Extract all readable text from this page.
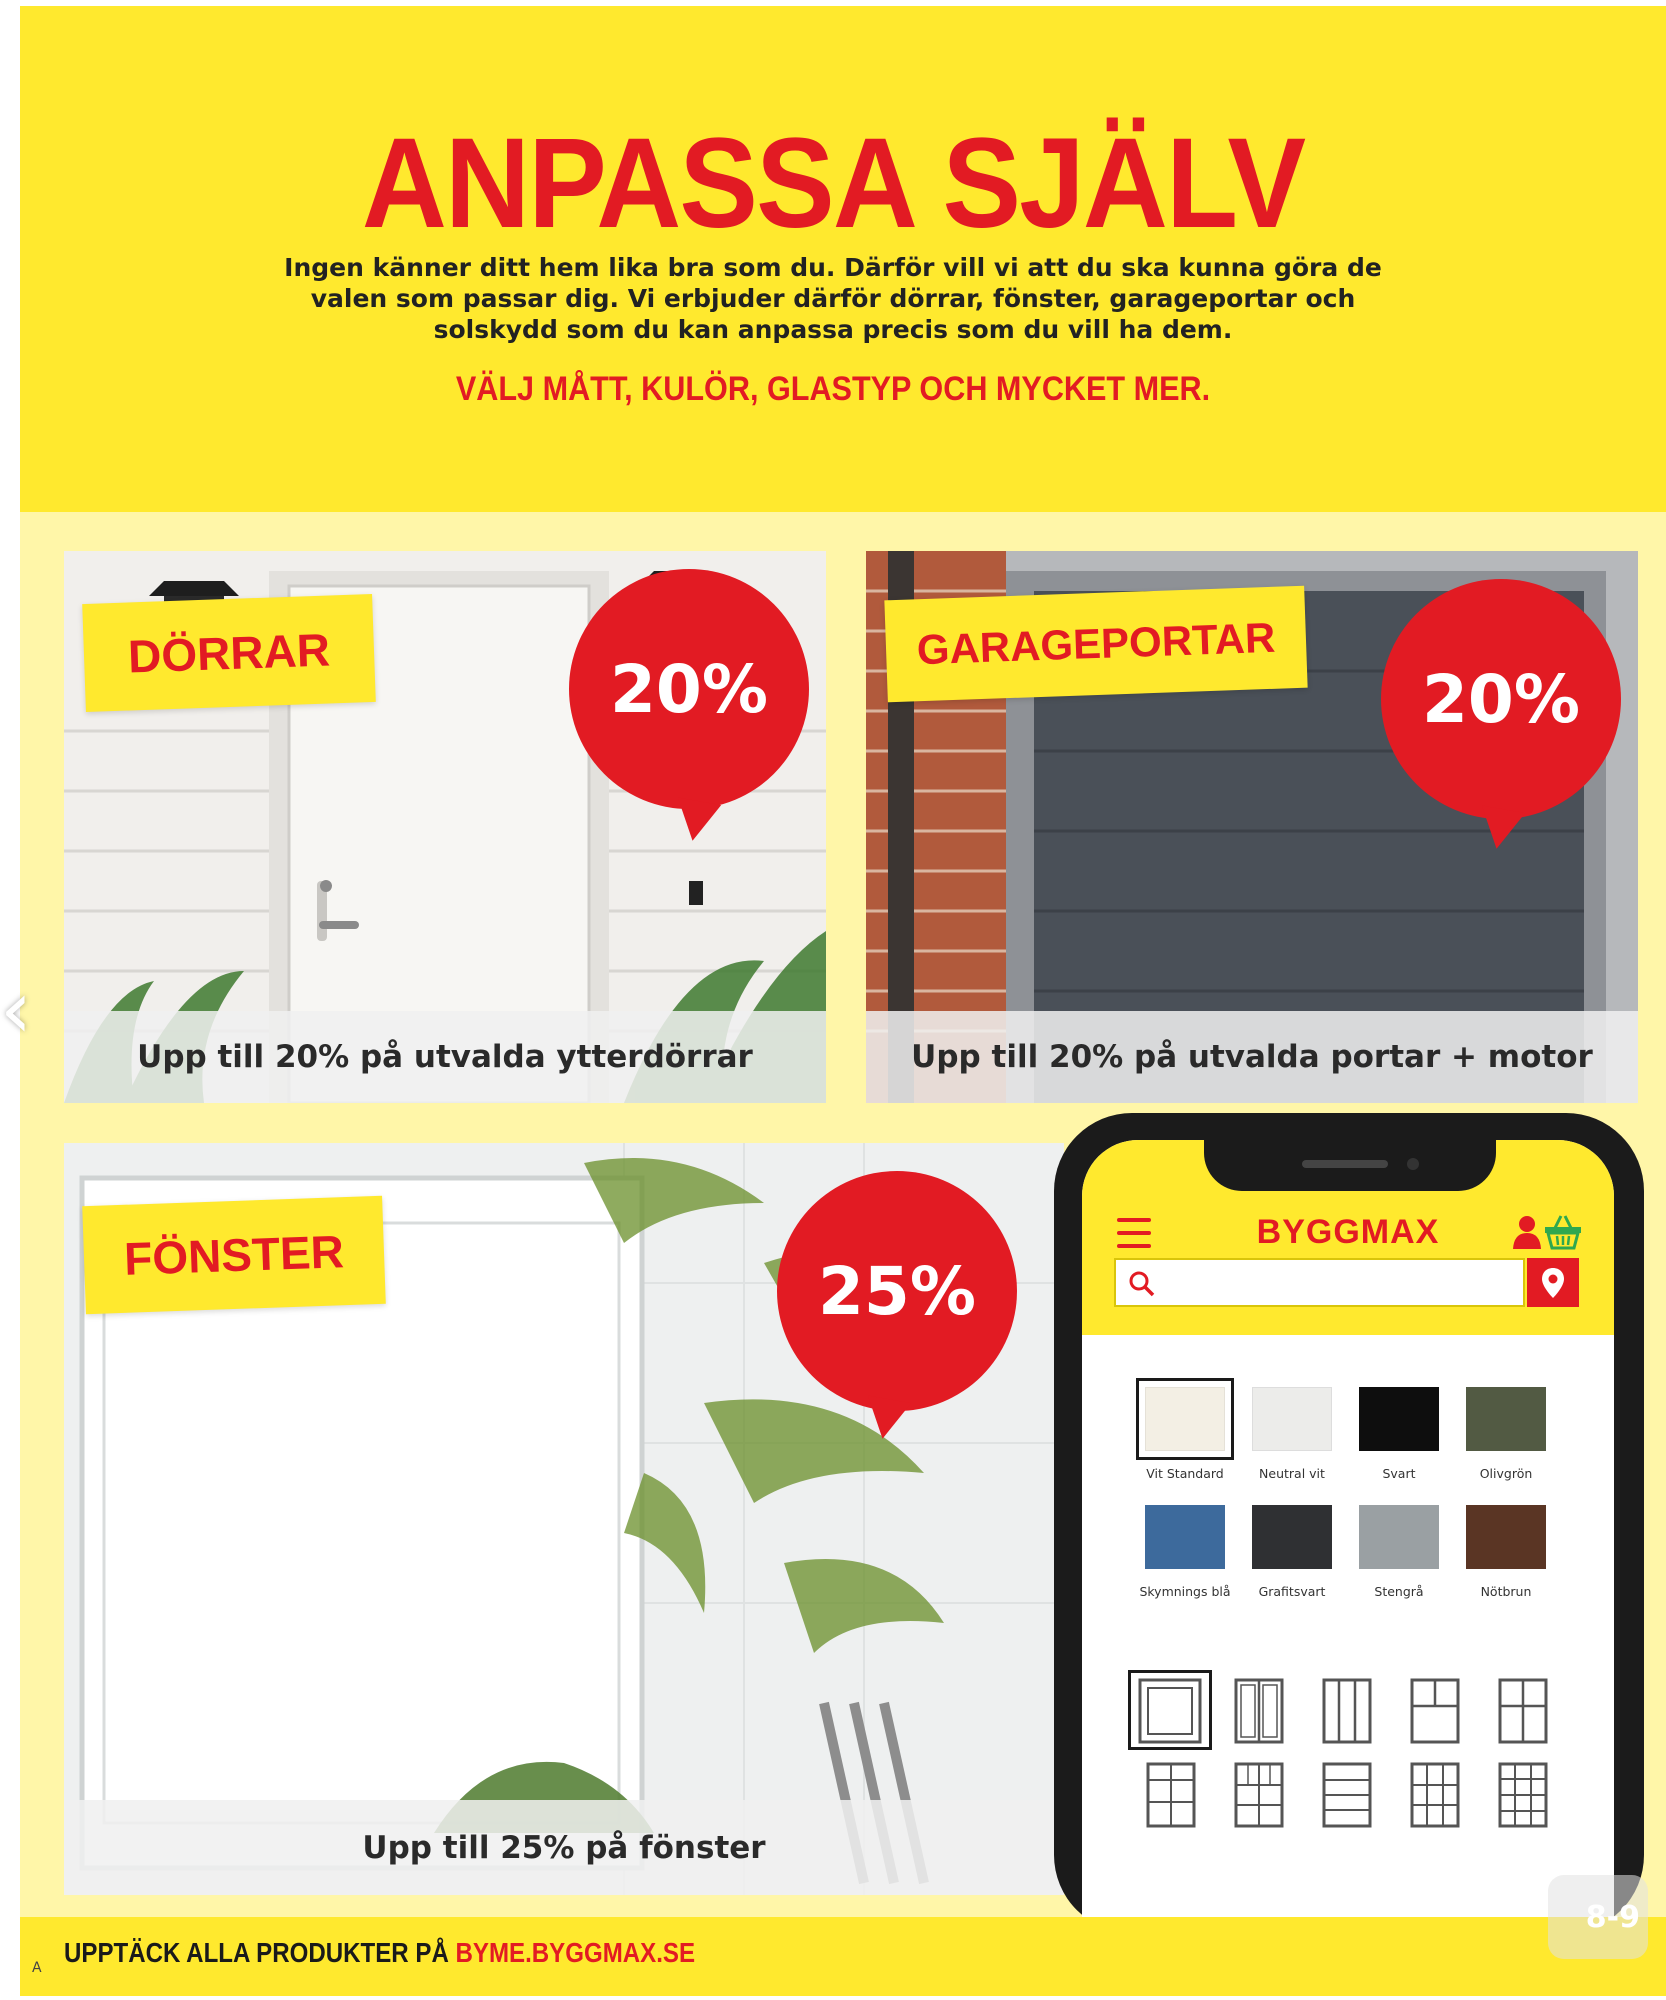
ANPASSA SJÄLV

Ingen känner ditt hem lika bra som du. Därför vill vi att du ska kunna göra de valen som passar dig. Vi erbjuder därför dörrar, fönster, garageportar och solskydd som du kan anpassa precis som du vill ha dem.

VÄLJ MÅTT, KULÖR, GLASTYP OCH MYCKET MER.

DÖRRAR	20%
Upp till 20% på utvalda ytterdörrar
GARAGEPORTAR
20%
Upp till 20% på utvalda portar + motor
FÖNSTER	25%
Upp till 25% på fönster
BYGGMAX
Vit Standard	Neutral vit	Svart	Olivgrön
Skymnings blå	Grafitsvart	Stengrå	Nötbrun
UPPTÄCK ALLA PRODUKTER PÅ BYME.BYGGMAX.SE
A
‹
8-9
